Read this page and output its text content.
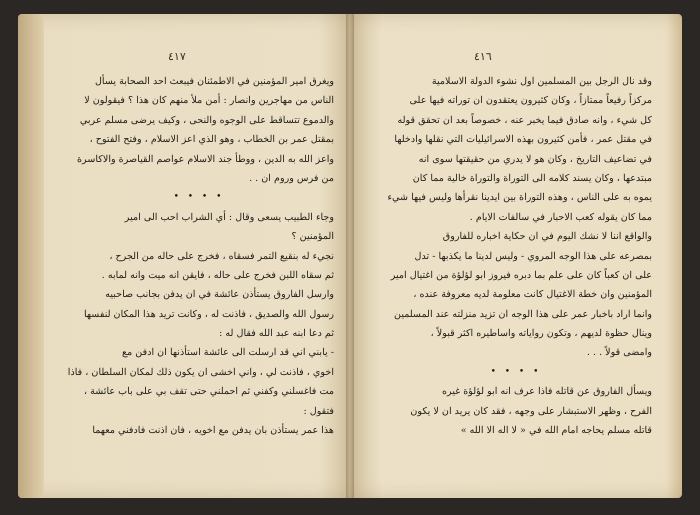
٤١٧
ويغرق امير المؤمنين في الاطمئنان فيبعث احد الصحابة يسأل
الناس من مهاجرين وانصار : أمن ملأ منهم كان هذا ؟ فيقولون لا
والدموع تتساقط على الوجوه والنحى ، وكيف يرضى مسلم عربي
بمقتل عمر بن الخطاب ، وهو الذي اعز الاسلام ، وفتح الفتوح ،
واعز الله به الدين ، ووطأ جند الاسلام عواصم القياصرة والاكاسرة
من فرس وروم ان . .
• • • •
وجاء الطبيب يسعى وقال : أي الشراب احب الى امير
المؤمنين ؟
نجيء له بنقيع التمر فسقاه ، فخرج على حاله من الجرح ،
ثم سقاه اللبن فخرج على حاله ، فايقن انه ميت وانه لمابه .
وارسل الفاروق يستأذن عائشة في ان يدفن بجانب صاحبيه
رسول الله والصديق ، فاذنت له ، وكانت تريد هذا المكان لنفسها
ثم دعا ابنه عبد الله فقال له :
- يابني اني قد ارسلت الى عائشة استأذنها ان ادفن مع
اخوي ، فاذنت لي ، واني اخشى ان يكون ذلك لمكان السلطان ، فاذا
مت فاغسلني وكفني ثم احملني حتى تقف بي على باب عائشة ،
فتقول :
هذا عمر يستأذن بان يدفن مع اخويه ، فان اذنت فادفني معهما
٤١٦
وقد نال الرجل بين المسلمين اول نشوء الدولة الاسلامية
مركزاً رفيعاً ممتازاً ، وكان كثيرون يعتقدون ان توراته فيها على
كل شيء ، وانه صادق فيما يخبر عنه ، خصوصاً بعد ان تحقق قوله
في مقتل عمر ، فأمن كثيرون بهذه الاسرائيليات التي نقلها وادخلها
في تضاعيف التاريخ ، وكان هو لا يدري من حقيقتها سوى انه
مبتدعها ، وكان يسند كلامه الى التوراة والتوراة خالية مما كان
يموه به على الناس ، وهذه التوراة بين ايدينا نقرأها وليس فيها شيء
مما كان يقوله كعب الاحبار في سالفات الايام .
والواقع اننا لا نشك اليوم في ان حكاية اخباره للفاروق
بمصرعه على هذا الوجه المروي - وليس لدينا ما يكذبها - تدل
على ان كعباً كان على علم بما دبره فيروز ابو لؤلؤة من اغتيال امير
المؤمنين وان خطة الاغتيال كانت معلومة لديه معروفة عنده ،
وانما اراد باخبار عمر على هذا الوجه ان تزيد منزلته عند المسلمين
وينال حظوة لديهم ، وتكون رواياته واساطيره اكثر قبولاً ،
وامضى قولاً . . .
• • • •
ويسأل الفاروق عن قاتله فاذا عرف انه ابو لؤلؤة غيره
الفرح ، وظهر الاستبشار على وجهه ، فقد كان يريد ان لا يكون
قاتله مسلم يحاجه امام الله في « لا اله الا الله »
